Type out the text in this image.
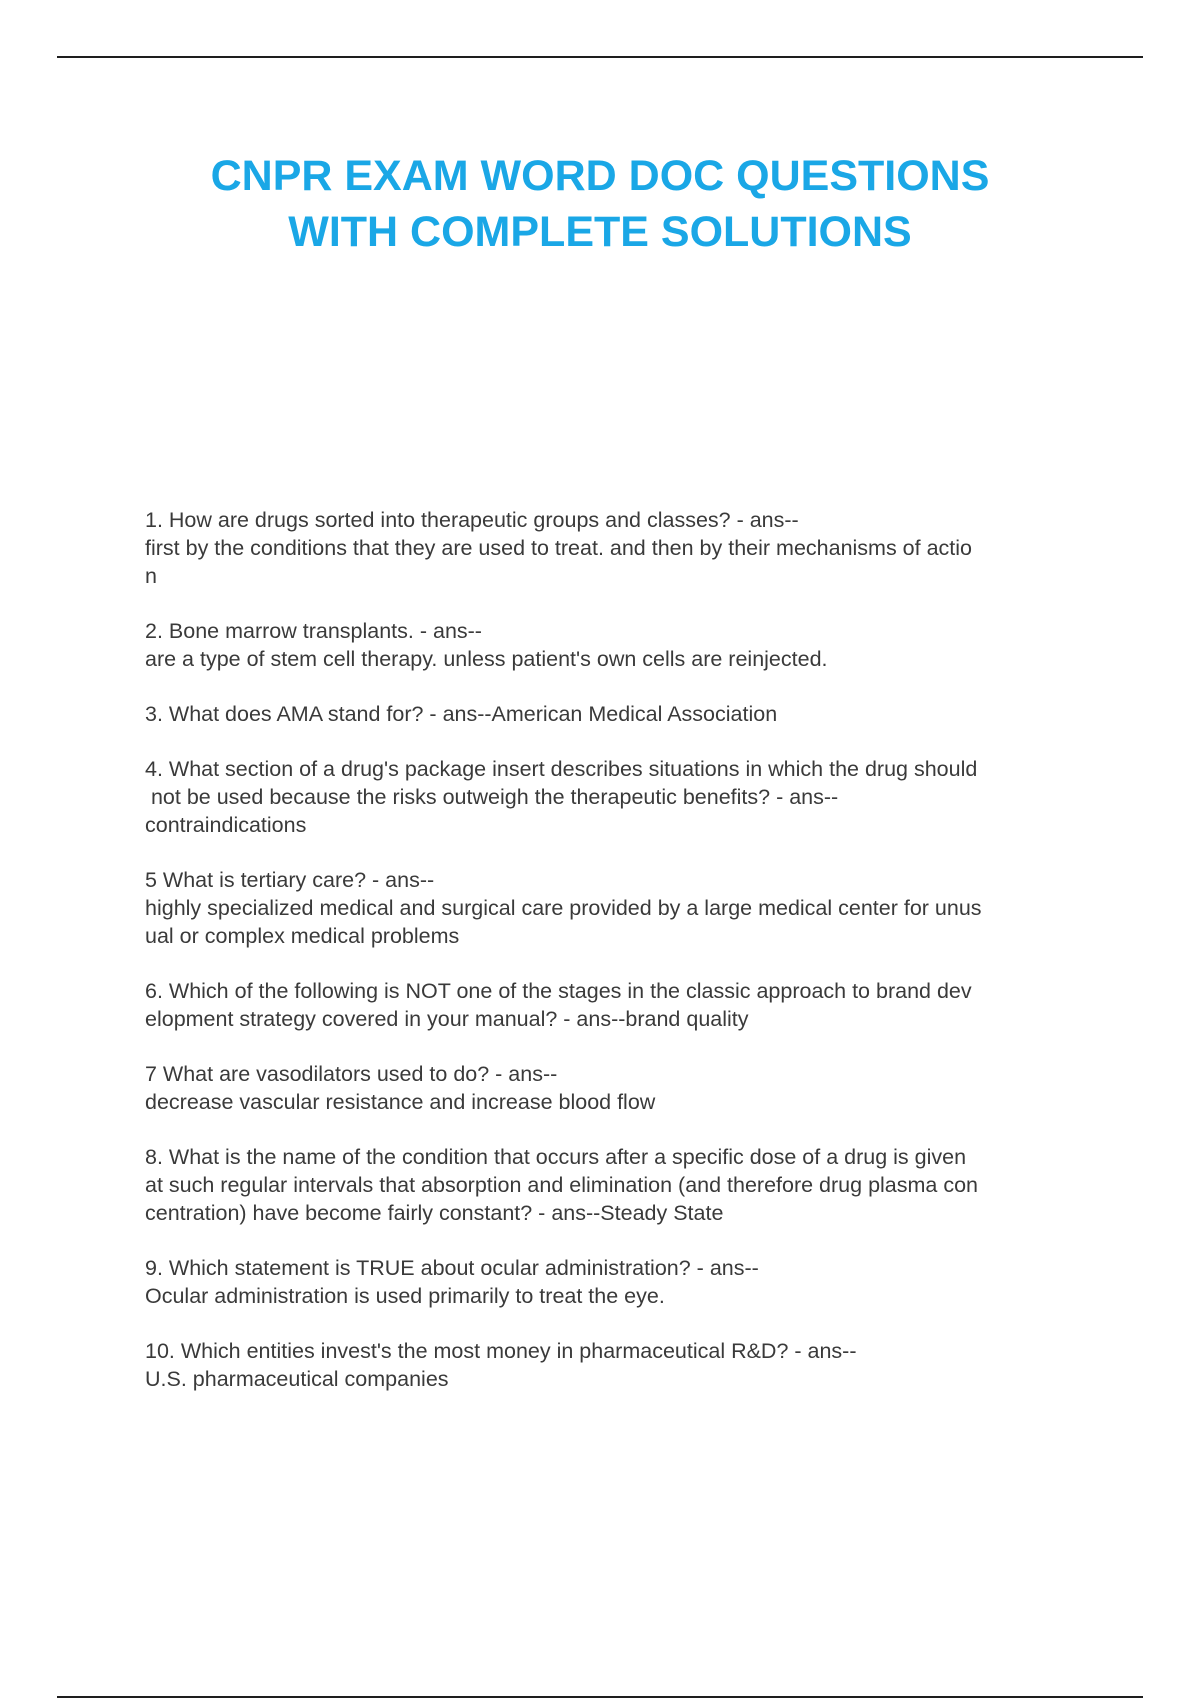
CNPR EXAM WORD DOC QUESTIONS
WITH COMPLETE SOLUTIONS

1. How are drugs sorted into therapeutic groups and classes? - ans--
first by the conditions that they are used to treat. and then by their mechanisms of actio
n

2. Bone marrow transplants. - ans--
are a type of stem cell therapy. unless patient's own cells are reinjected.

3. What does AMA stand for? - ans--American Medical Association

4. What section of a drug's package insert describes situations in which the drug should
not be used because the risks outweigh the therapeutic benefits? - ans--
contraindications

5 What is tertiary care? - ans--
highly specialized medical and surgical care provided by a large medical center for unus
ual or complex medical problems

6. Which of the following is NOT one of the stages in the classic approach to brand dev
elopment strategy covered in your manual? - ans--brand quality

7 What are vasodilators used to do? - ans--
decrease vascular resistance and increase blood flow

8. What is the name of the condition that occurs after a specific dose of a drug is given
at such regular intervals that absorption and elimination (and therefore drug plasma con
centration) have become fairly constant? - ans--Steady State

9. Which statement is TRUE about ocular administration? - ans--
Ocular administration is used primarily to treat the eye.

10. Which entities invest's the most money in pharmaceutical R&D? - ans--
U.S. pharmaceutical companies
